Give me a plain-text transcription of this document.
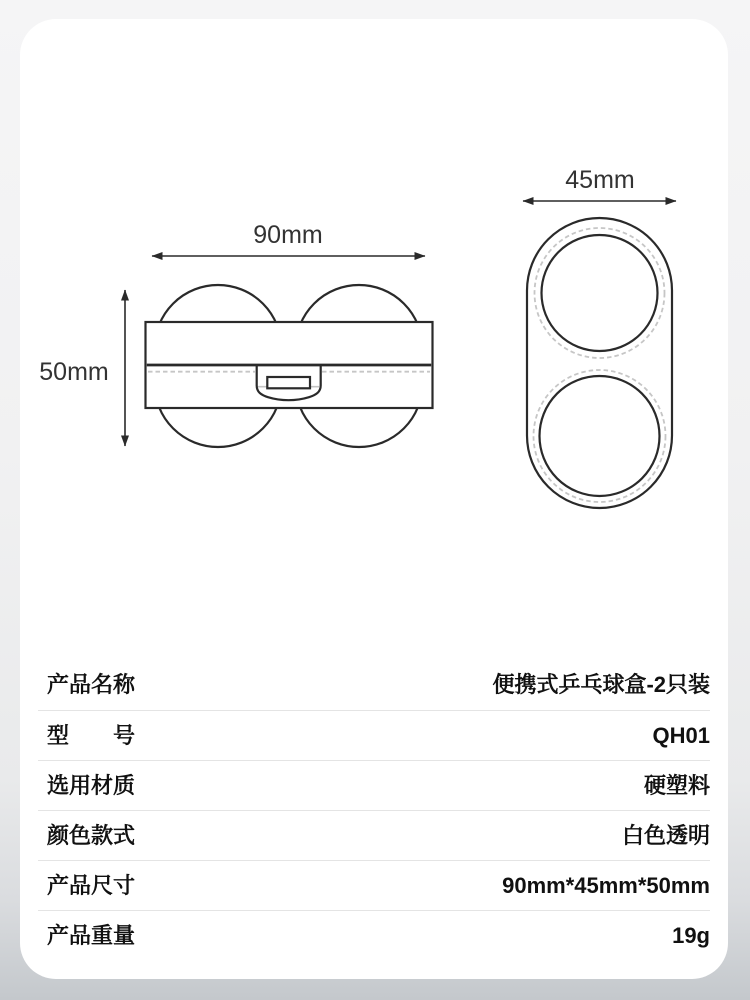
90mm
50mm
45mm
产品名称	便携式乒乓球盒-2只装
型　　号	QH01
选用材质	硬塑料
颜色款式	白色透明
产品尺寸	90mm*45mm*50mm
产品重量	19g
